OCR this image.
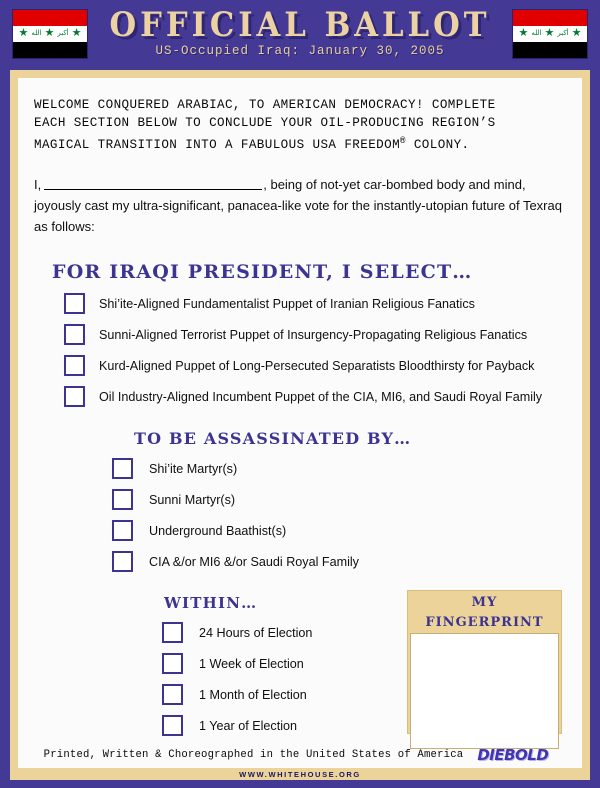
★ الله ★ أكبر ★	★ الله ★ أكبر ★
OFFICIAL BALLOT
US-Occupied Iraq: January 30, 2005
WELCOME CONQUERED ARABIAC, TO AMERICAN DEMOCRACY! COMPLETE
EACH SECTION BELOW TO CONCLUDE YOUR OIL-PRODUCING REGION’S
MAGICAL TRANSITION INTO A FABULOUS USA FREEDOM® COLONY.
I,	, being of not-yet car-bombed body and mind, joyously cast my ultra-significant, panacea-like vote for the instantly-utopian future of Texraq as follows:
FOR IRAQI PRESIDENT, I SELECT…
Shi’ite-Aligned Fundamentalist Puppet of Iranian Religious Fanatics
Sunni-Aligned Terrorist Puppet of Insurgency-Propagating Religious Fanatics
Kurd-Aligned Puppet of Long-Persecuted Separatists Bloodthirsty for Payback
Oil Industry-Aligned Incumbent Puppet of the CIA, MI6, and Saudi Royal Family
TO BE ASSASSINATED BY…
Shi’ite Martyr(s)
Sunni Martyr(s)
Underground Baathist(s)
CIA &/or MI6 &/or Saudi Royal Family
WITHIN…
24 Hours of Election
1 Week of Election
1 Month of Election
1 Year of Election
MY FINGERPRINT
Printed, Written & Choreographed in the United States of America DIEBOLD
WWW.WHITEHOUSE.ORG
